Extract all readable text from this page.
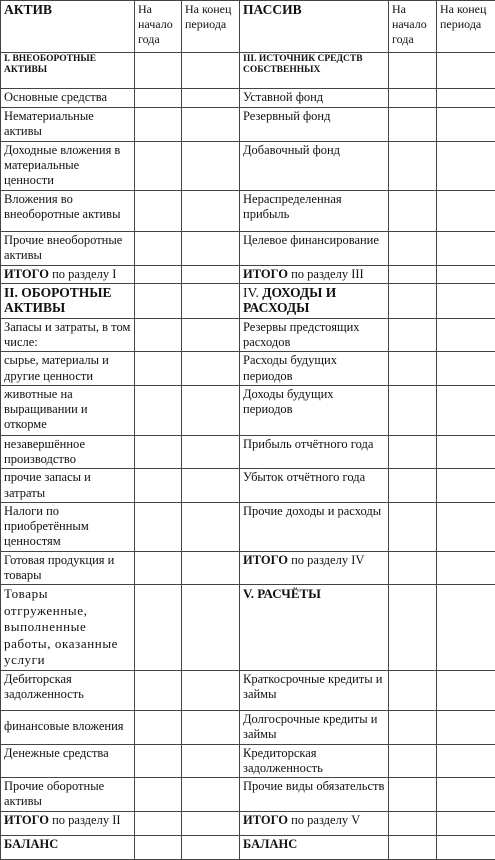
АКТИВ	На начало года	На конец периода	ПАССИВ	На начало года	На конец периода
I. ВНЕОБОРОТНЫЕ АКТИВЫ			III. ИСТОЧНИК СРЕДСТВ СОБСТВЕННЫХ		
Основные средства			Уставной фонд		
Нематериальные активы			Резервный фонд		
Доходные вложения в материальные ценности			Добавочный фонд		
Вложения во внеоборотные активы			Нераспределенная прибыль		
Прочие внеоборотные активы			Целевое финансирование		
ИТОГО по разделу I			ИТОГО по разделу III		
II. ОБОРОТНЫЕ АКТИВЫ			IV. ДОХОДЫ И РАСХОДЫ		
Запасы и затраты, в том числе:			Резервы предстоящих расходов		
сырье, материалы и другие ценности			Расходы будущих периодов		
животные на выращивании и откорме			Доходы будущих периодов		
незавершённое производство			Прибыль отчётного года		
прочие запасы и затраты			Убыток отчётного года		
Налоги по приобретённым ценностям			Прочие доходы и расходы		
Готовая продукция и товары			ИТОГО по разделу IV		
Товары отгруженные, выполненные работы, оказанные услуги			V. РАСЧЁТЫ		
Дебиторская задолженность			Краткосрочные кредиты и займы		
финансовые вложения			Долгосрочные кредиты и займы		
Денежные средства			Кредиторская задолженность		
Прочие оборотные активы			Прочие виды обязательств		
ИТОГО по разделу II			ИТОГО по разделу V		
БАЛАНС			БАЛАНС		
